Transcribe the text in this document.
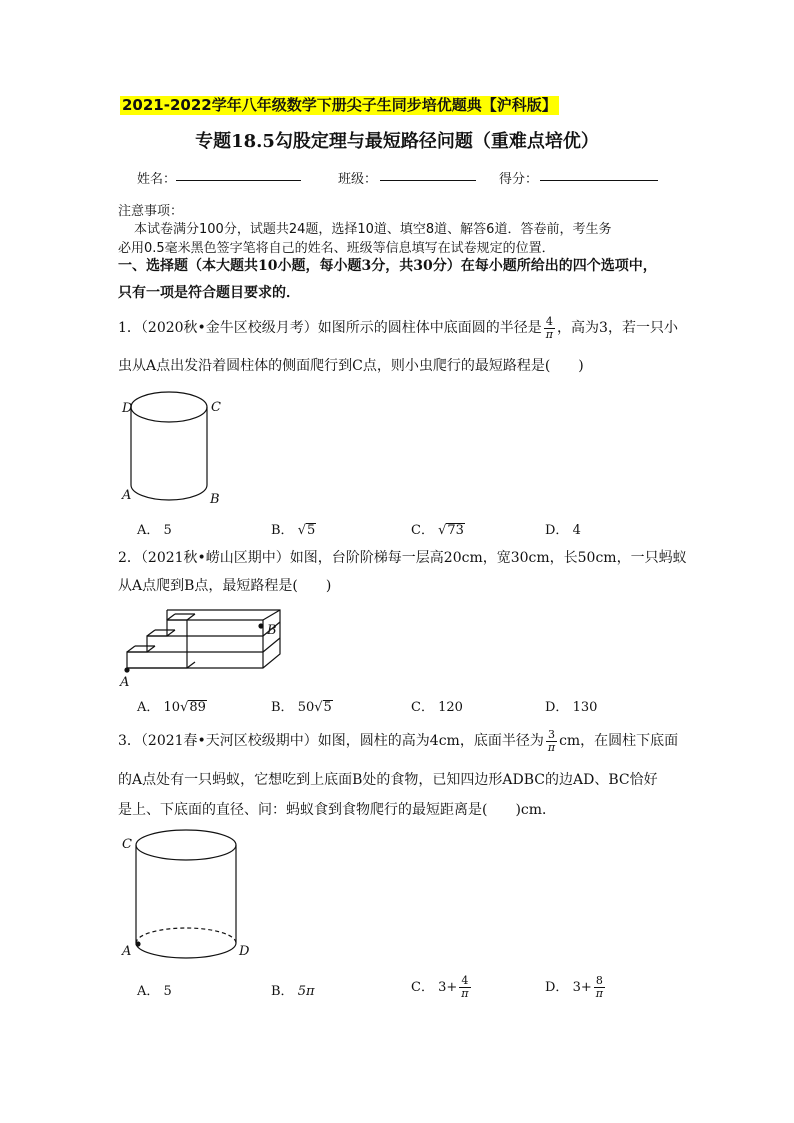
2021-2022学年八年级数学下册尖子生同步培优题典【沪科版】
专题18.5勾股定理与最短路径问题（重难点培优）
姓名：	班级：	得分：
注意事项：
本试卷满分100分，试题共24题，选择10道、填空8道、解答6道．答卷前，考生务
必用0.5毫米黑色签字笔将自己的姓名、班级等信息填写在试卷规定的位置．
一、选择题（本大题共10小题，每小题3分，共30分）在每小题所给出的四个选项中，
只有一项是符合题目要求的．
1．（2020秋•金牛区校级月考）如图所示的圆柱体中底面圆的半径是 $\frac{4}{\pi}$ ，高为3，若一只小
虫从A点出发沿着圆柱体的侧面爬行到C点，则小虫爬行的最短路程是(　　)
D	C
A	B
A． 5	B． √5	C． √73	D． 4
2．（2021秋•崂山区期中）如图，台阶阶梯每一层高20cm，宽30cm，长50cm，一只蚂蚁
从A点爬到B点，最短路程是(　　)
A
B
A． 10√89	B． 50√5	C． 120	D． 130
3．（2021春•天河区校级期中）如图，圆柱的高为4cm，底面半径为 $\frac{3}{\pi}$ cm，在圆柱下底面
的A点处有一只蚂蚁，它想吃到上底面B处的食物，已知四边形ADBC的边AD、BC恰好
是上、下底面的直径、问：蚂蚁食到食物爬行的最短距离是(　　)cm．
C
A	D
A． 5	B． 5π	C． $3+ \frac{4}{\pi}$	D． $3+ \frac{8}{\pi}$
